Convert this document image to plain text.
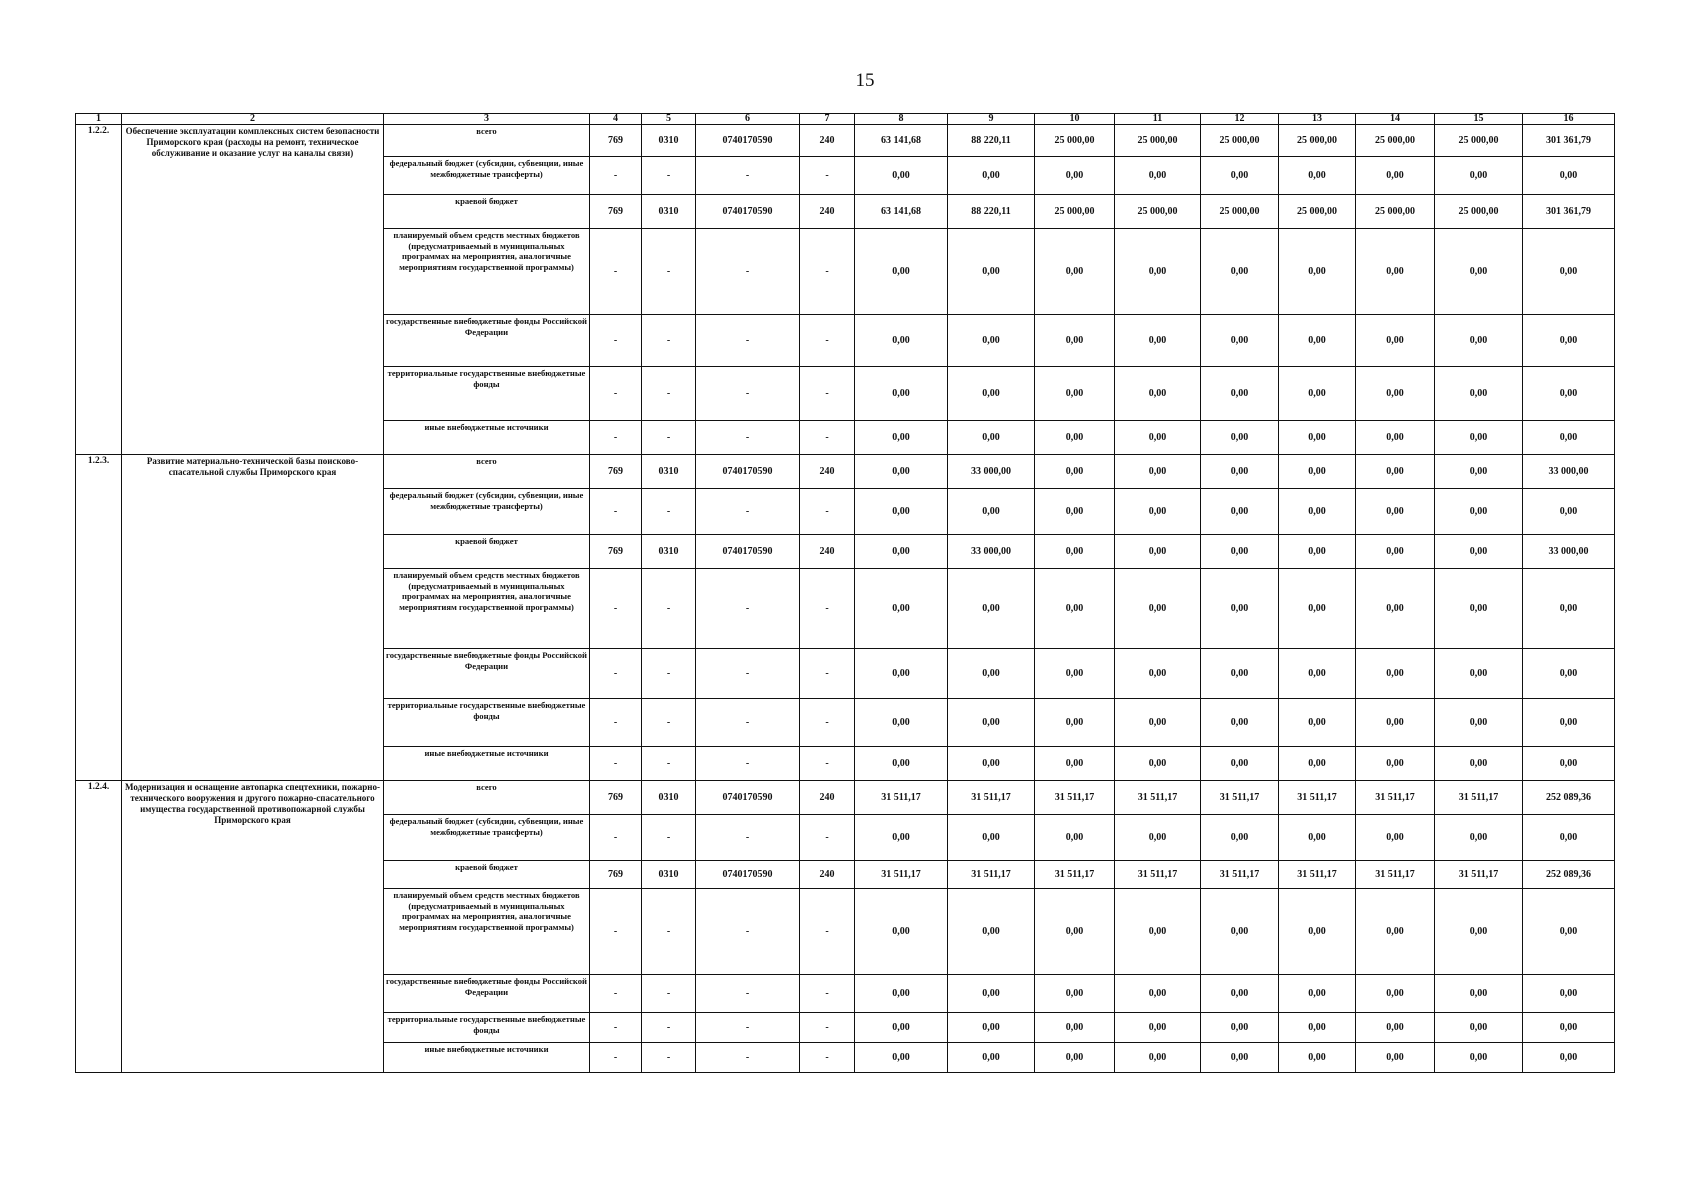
15
1	2	3	4	5	6	7	8	9	10	11	12	13	14	15	16
1.2.2.	Обеспечение эксплуатации комплексных систем безопасности Приморского края (расходы на ремонт, техническое обслуживание и оказание услуг на каналы связи)	всего	769	0310	0740170590	240	63 141,68	88 220,11	25 000,00	25 000,00	25 000,00	25 000,00	25 000,00	25 000,00	301 361,79
		федеральный бюджет (субсидии, субвенции, иные межбюджетные трансферты)	-	-	-	-	0,00	0,00	0,00	0,00	0,00	0,00	0,00	0,00	0,00
		краевой бюджет	769	0310	0740170590	240	63 141,68	88 220,11	25 000,00	25 000,00	25 000,00	25 000,00	25 000,00	25 000,00	301 361,79
		планируемый объем средств местных бюджетов (предусматриваемый в муниципальных программах на мероприятия, аналогичные мероприятиям государственной программы)	-	-	-	-	0,00	0,00	0,00	0,00	0,00	0,00	0,00	0,00	0,00
		государственные внебюджетные фонды Российской Федерации	-	-	-	-	0,00	0,00	0,00	0,00	0,00	0,00	0,00	0,00	0,00
		территориальные государственные внебюджетные фонды	-	-	-	-	0,00	0,00	0,00	0,00	0,00	0,00	0,00	0,00	0,00
		иные внебюджетные источники	-	-	-	-	0,00	0,00	0,00	0,00	0,00	0,00	0,00	0,00	0,00
1.2.3.	Развитие материально-технической базы поисково-спасательной службы Приморского края	всего	769	0310	0740170590	240	0,00	33 000,00	0,00	0,00	0,00	0,00	0,00	0,00	33 000,00
		федеральный бюджет (субсидии, субвенции, иные межбюджетные трансферты)	-	-	-	-	0,00	0,00	0,00	0,00	0,00	0,00	0,00	0,00	0,00
		краевой бюджет	769	0310	0740170590	240	0,00	33 000,00	0,00	0,00	0,00	0,00	0,00	0,00	33 000,00
		планируемый объем средств местных бюджетов (предусматриваемый в муниципальных программах на мероприятия, аналогичные мероприятиям государственной программы)	-	-	-	-	0,00	0,00	0,00	0,00	0,00	0,00	0,00	0,00	0,00
		государственные внебюджетные фонды Российской Федерации	-	-	-	-	0,00	0,00	0,00	0,00	0,00	0,00	0,00	0,00	0,00
		территориальные государственные внебюджетные фонды	-	-	-	-	0,00	0,00	0,00	0,00	0,00	0,00	0,00	0,00	0,00
		иные внебюджетные источники	-	-	-	-	0,00	0,00	0,00	0,00	0,00	0,00	0,00	0,00	0,00
1.2.4.	Модернизация и оснащение автопарка спецтехники, пожарно-технического вооружения и другого пожарно-спасательного имущества государственной противопожарной службы Приморского края	всего	769	0310	0740170590	240	31 511,17	31 511,17	31 511,17	31 511,17	31 511,17	31 511,17	31 511,17	31 511,17	252 089,36
		федеральный бюджет (субсидии, субвенции, иные межбюджетные трансферты)	-	-	-	-	0,00	0,00	0,00	0,00	0,00	0,00	0,00	0,00	0,00
		краевой бюджет	769	0310	0740170590	240	31 511,17	31 511,17	31 511,17	31 511,17	31 511,17	31 511,17	31 511,17	31 511,17	252 089,36
		планируемый объем средств местных бюджетов (предусматриваемый в муниципальных программах на мероприятия, аналогичные мероприятиям государственной программы)	-	-	-	-	0,00	0,00	0,00	0,00	0,00	0,00	0,00	0,00	0,00
		государственные внебюджетные фонды Российской Федерации	-	-	-	-	0,00	0,00	0,00	0,00	0,00	0,00	0,00	0,00	0,00
		территориальные государственные внебюджетные фонды	-	-	-	-	0,00	0,00	0,00	0,00	0,00	0,00	0,00	0,00	0,00
		иные внебюджетные источники	-	-	-	-	0,00	0,00	0,00	0,00	0,00	0,00	0,00	0,00	0,00
